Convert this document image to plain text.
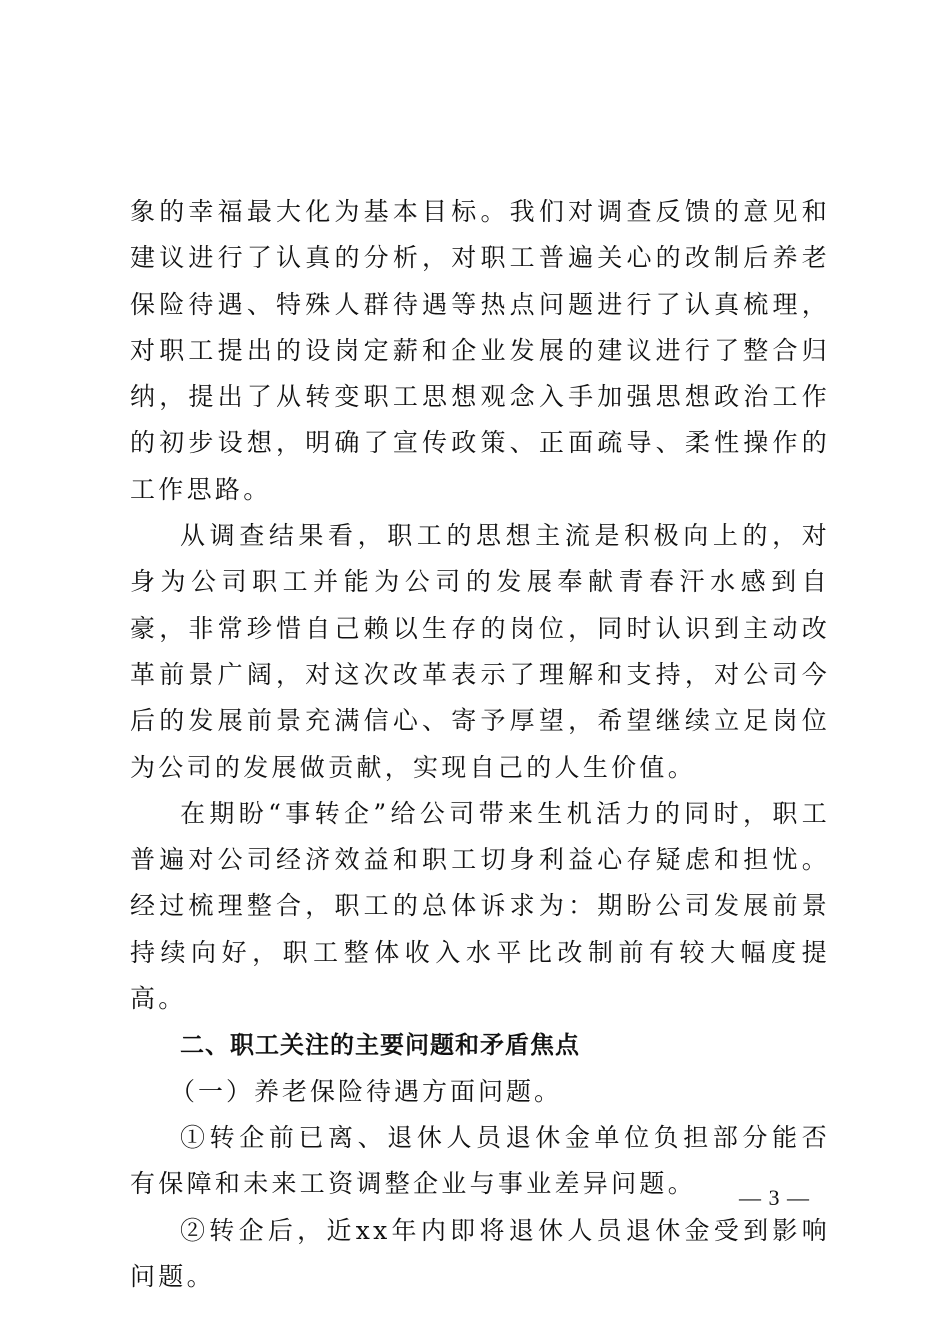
象的幸福最大化为基本目标。我们对调查反馈的意见和建议进行了认真的分析，对职工普遍关心的改制后养老保险待遇、特殊人群待遇等热点问题进行了认真梳理，对职工提出的设岗定薪和企业发展的建议进行了整合归纳，提出了从转变职工思想观念入手加强思想政治工作的初步设想，明确了宣传政策、正面疏导、柔性操作的工作思路。

从调查结果看，职工的思想主流是积极向上的，对身为公司职工并能为公司的发展奉献青春汗水感到自豪，非常珍惜自己赖以生存的岗位，同时认识到主动改革前景广阔，对这次改革表示了理解和支持，对公司今后的发展前景充满信心、寄予厚望，希望继续立足岗位为公司的发展做贡献，实现自己的人生价值。

在期盼“事转企”给公司带来生机活力的同时，职工普遍对公司经济效益和职工切身利益心存疑虑和担忧。经过梳理整合，职工的总体诉求为：期盼公司发展前景持续向好，职工整体收入水平比改制前有较大幅度提高。

二、职工关注的主要问题和矛盾焦点

（一）养老保险待遇方面问题。

①转企前已离、退休人员退休金单位负担部分能否有保障和未来工资调整企业与事业差异问题。

②转企后，近xx年内即将退休人员退休金受到影响问题。

— 3 —
